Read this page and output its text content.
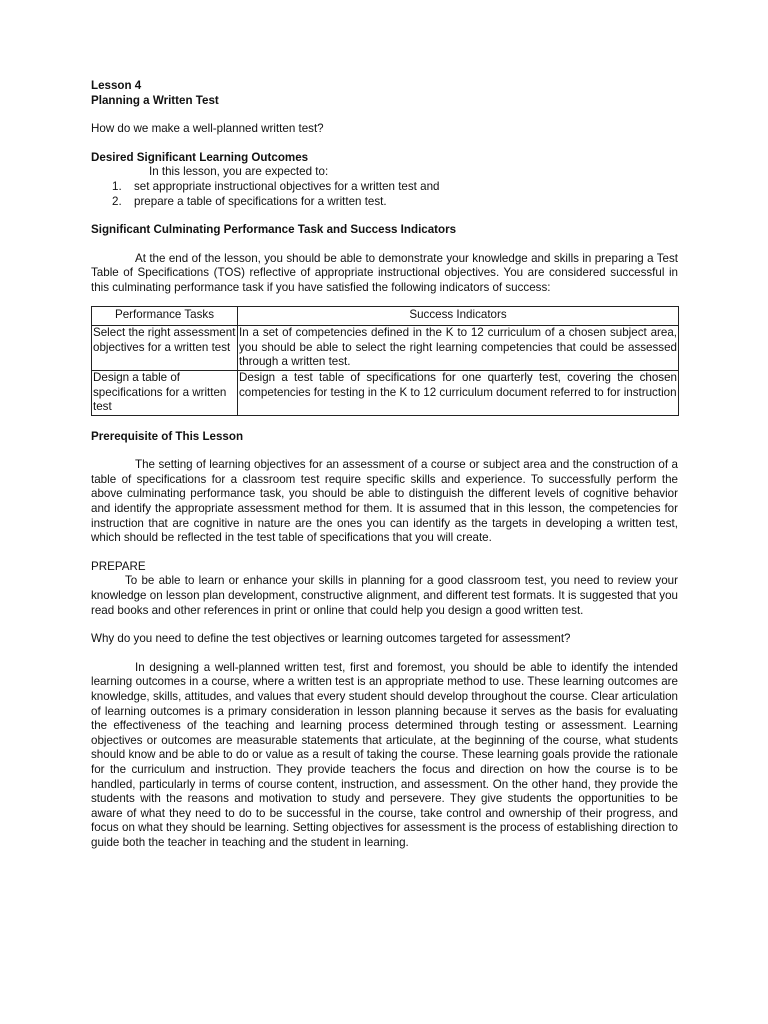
Lesson 4

Planning a Written Test

How do we make a well-planned written test?

Desired Significant Learning Outcomes

In this lesson, you are expected to:

1. set appropriate instructional objectives for a written test and
2. prepare a table of specifications for a written test.

Significant Culminating Performance Task and Success Indicators

At the end of the lesson, you should be able to demonstrate your knowledge and skills in preparing a Test Table of Specifications (TOS) reflective of appropriate instructional objectives. You are considered successful in this culminating performance task if you have satisfied the following indicators of success:

Performance Tasks	Success Indicators
Select the right assessment objectives for a written test	In a set of competencies defined in the K to 12 curriculum of a chosen subject area, you should be able to select the right learning competencies that could be assessed through a written test.
Design a table of specifications for a written test	Design a test table of specifications for one quarterly test, covering the chosen competencies for testing in the K to 12 curriculum document referred to for instruction

Prerequisite of This Lesson

The setting of learning objectives for an assessment of a course or subject area and the construction of a table of specifications for a classroom test require specific skills and experience. To successfully perform the above culminating performance task, you should be able to distinguish the different levels of cognitive behavior and identify the appropriate assessment method for them. It is assumed that in this lesson, the competencies for instruction that are cognitive in nature are the ones you can identify as the targets in developing a written test, which should be reflected in the test table of specifications that you will create.

PREPARE

To be able to learn or enhance your skills in planning for a good classroom test, you need to review your knowledge on lesson plan development, constructive alignment, and different test formats. It is suggested that you read books and other references in print or online that could help you design a good written test.

Why do you need to define the test objectives or learning outcomes targeted for assessment?

In designing a well-planned written test, first and foremost, you should be able to identify the intended learning outcomes in a course, where a written test is an appropriate method to use. These learning outcomes are knowledge, skills, attitudes, and values that every student should develop throughout the course. Clear articulation of learning outcomes is a primary consideration in lesson planning because it serves as the basis for evaluating the effectiveness of the teaching and learning process determined through testing or assessment. Learning objectives or outcomes are measurable statements that articulate, at the beginning of the course, what students should know and be able to do or value as a result of taking the course. These learning goals provide the rationale for the curriculum and instruction. They provide teachers the focus and direction on how the course is to be handled, particularly in terms of course content, instruction, and assessment. On the other hand, they provide the students with the reasons and motivation to study and persevere. They give students the opportunities to be aware of what they need to do to be successful in the course, take control and ownership of their progress, and focus on what they should be learning. Setting objectives for assessment is the process of establishing direction to guide both the teacher in teaching and the student in learning.
